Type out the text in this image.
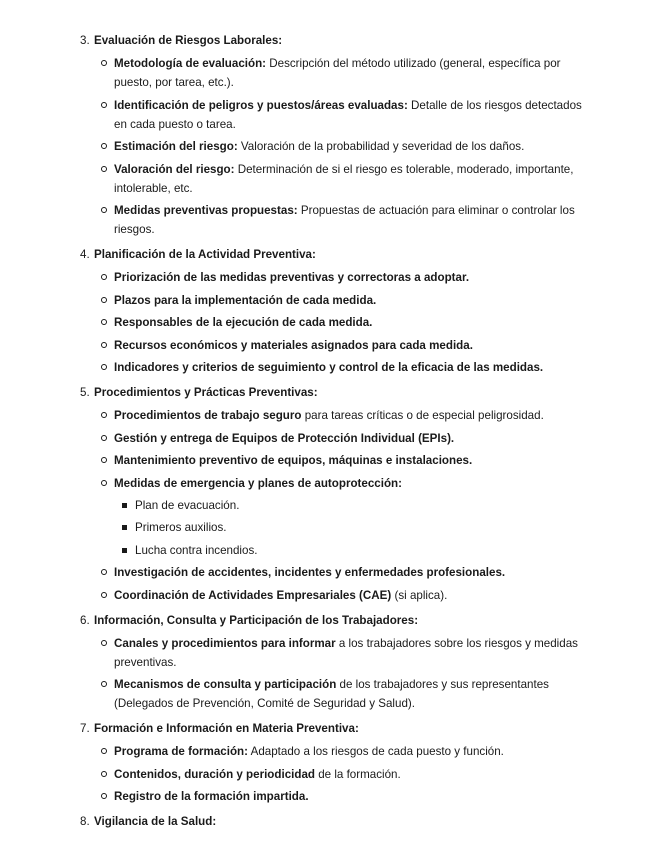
3. Evaluación de Riesgos Laborales:
Metodología de evaluación: Descripción del método utilizado (general, específica por puesto, por tarea, etc.).
Identificación de peligros y puestos/áreas evaluadas: Detalle de los riesgos detectados en cada puesto o tarea.
Estimación del riesgo: Valoración de la probabilidad y severidad de los daños.
Valoración del riesgo: Determinación de si el riesgo es tolerable, moderado, importante, intolerable, etc.
Medidas preventivas propuestas: Propuestas de actuación para eliminar o controlar los riesgos.
4. Planificación de la Actividad Preventiva:
Priorización de las medidas preventivas y correctoras a adoptar.
Plazos para la implementación de cada medida.
Responsables de la ejecución de cada medida.
Recursos económicos y materiales asignados para cada medida.
Indicadores y criterios de seguimiento y control de la eficacia de las medidas.
5. Procedimientos y Prácticas Preventivas:
Procedimientos de trabajo seguro para tareas críticas o de especial peligrosidad.
Gestión y entrega de Equipos de Protección Individual (EPIs).
Mantenimiento preventivo de equipos, máquinas e instalaciones.
Medidas de emergencia y planes de autoprotección:
Plan de evacuación.
Primeros auxilios.
Lucha contra incendios.
Investigación de accidentes, incidentes y enfermedades profesionales.
Coordinación de Actividades Empresariales (CAE) (si aplica).
6. Información, Consulta y Participación de los Trabajadores:
Canales y procedimientos para informar a los trabajadores sobre los riesgos y medidas preventivas.
Mecanismos de consulta y participación de los trabajadores y sus representantes (Delegados de Prevención, Comité de Seguridad y Salud).
7. Formación e Información en Materia Preventiva:
Programa de formación: Adaptado a los riesgos de cada puesto y función.
Contenidos, duración y periodicidad de la formación.
Registro de la formación impartida.
8. Vigilancia de la Salud:
